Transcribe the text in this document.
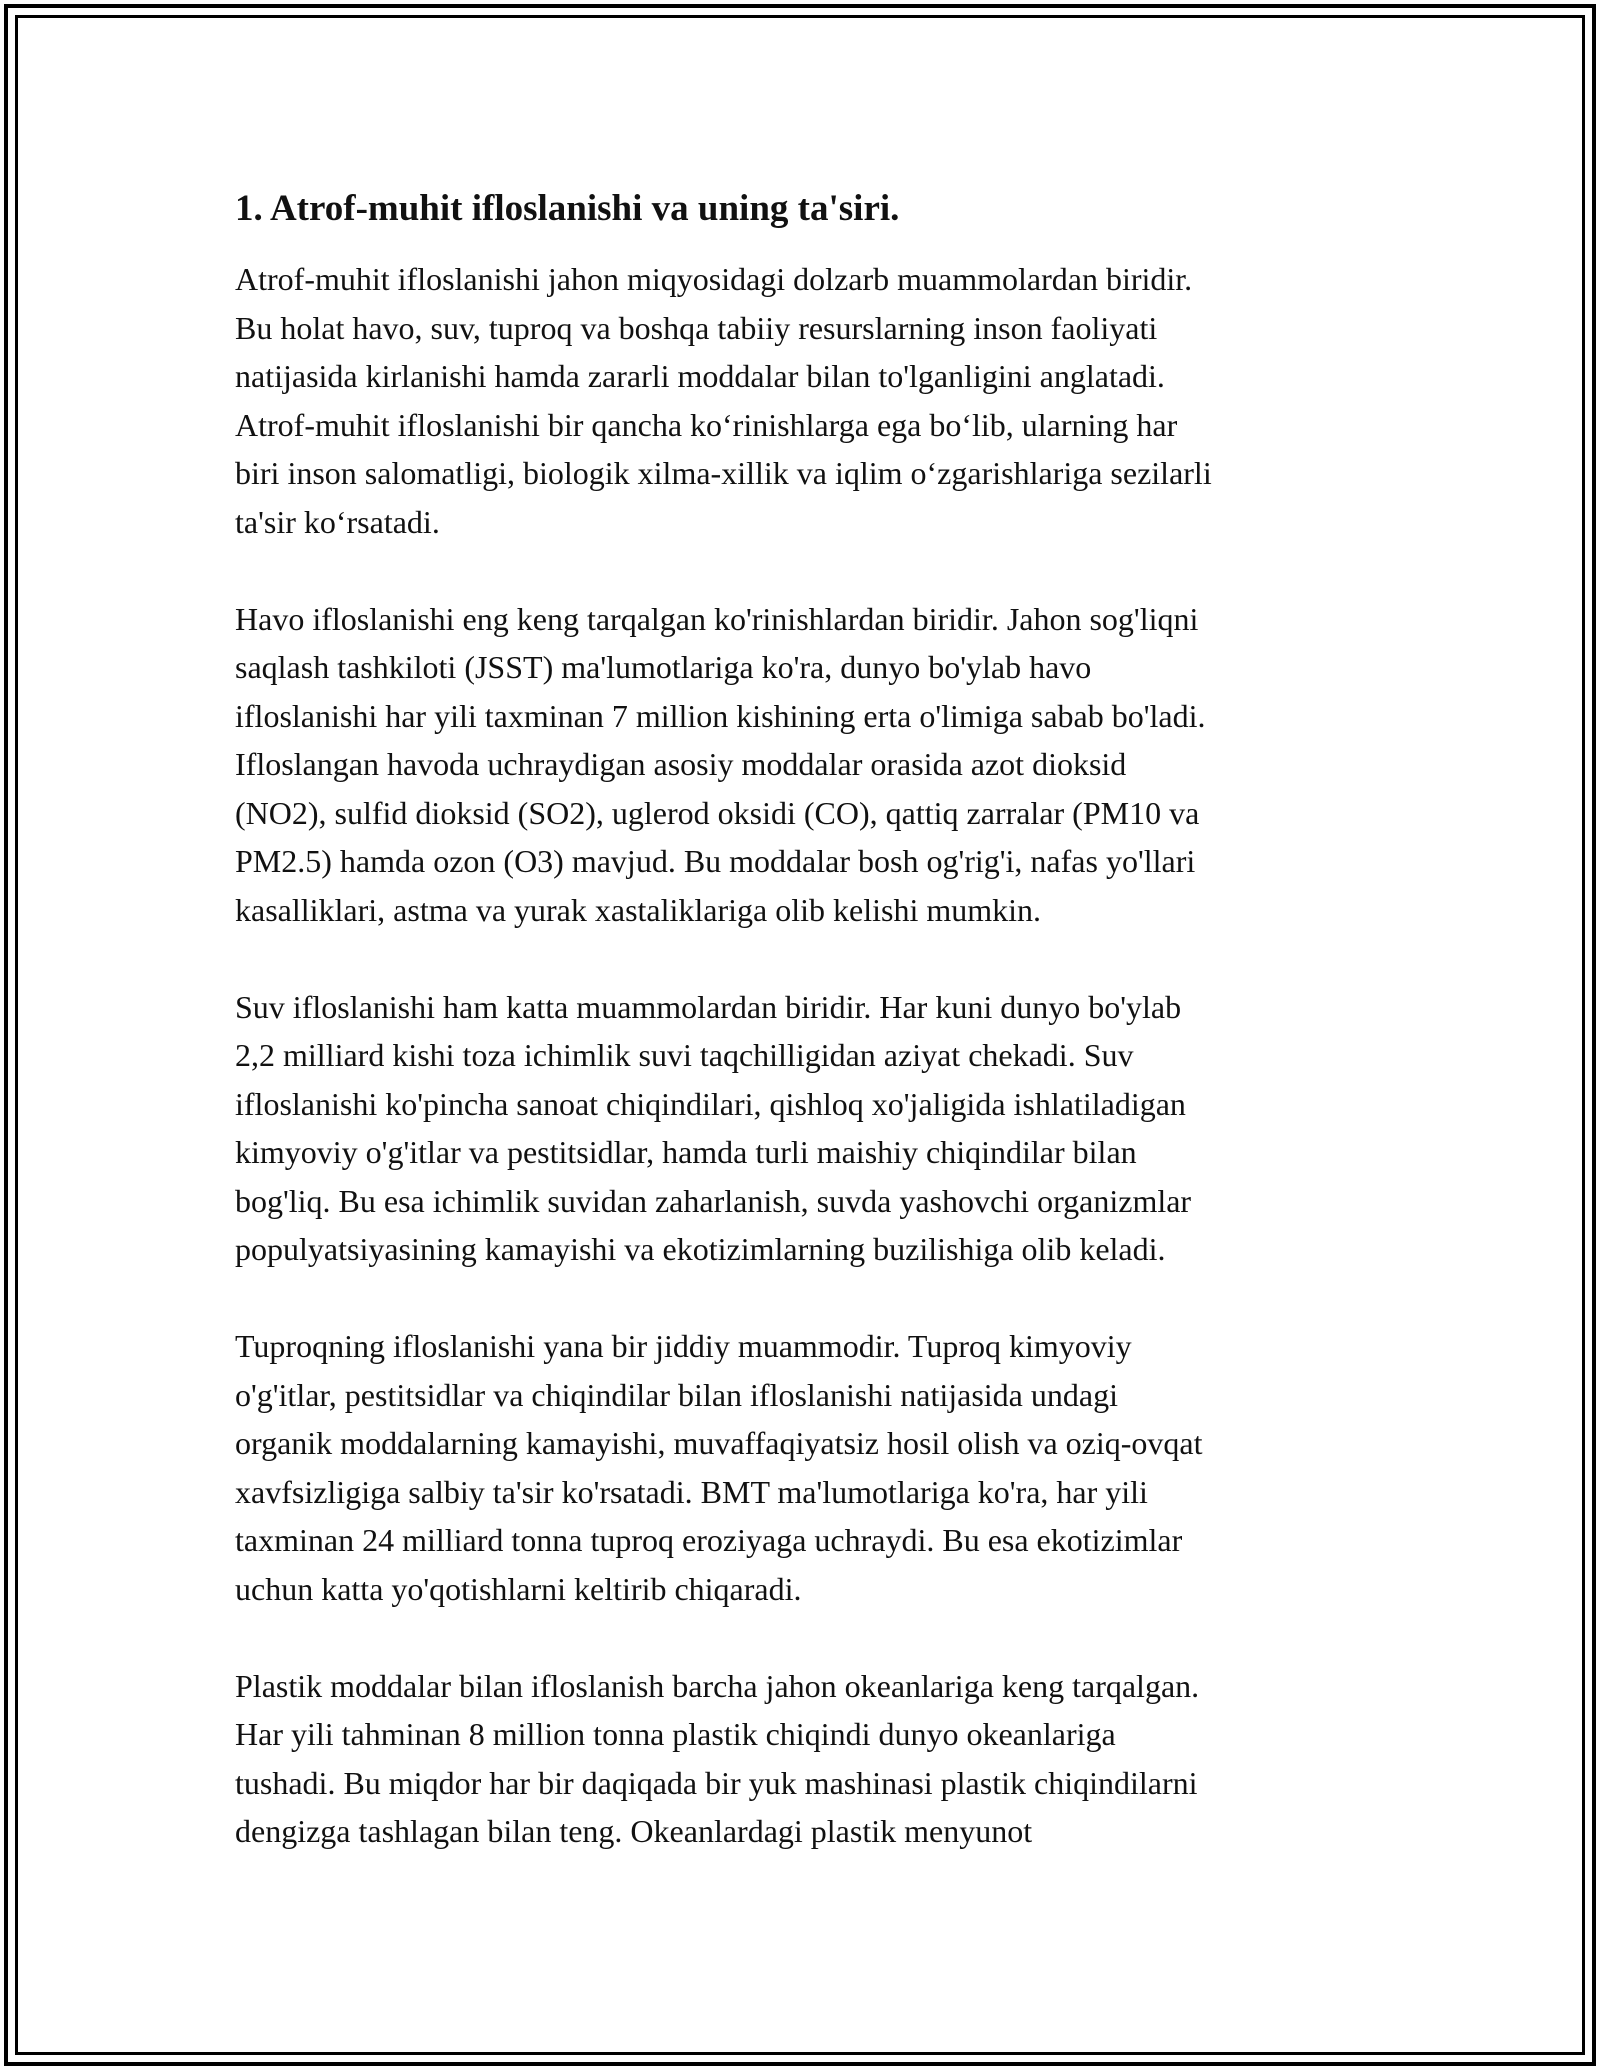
1. Atrof-muhit ifloslanishi va uning ta'siri.

Atrof-muhit ifloslanishi jahon miqyosidagi dolzarb muammolardan biridir.
Bu holat havo, suv, tuproq va boshqa tabiiy resurslarning inson faoliyati
natijasida kirlanishi hamda zararli moddalar bilan to'lganligini anglatadi.
Atrof-muhit ifloslanishi bir qancha ko‘rinishlarga ega bo‘lib, ularning har
biri inson salomatligi, biologik xilma-xillik va iqlim o‘zgarishlariga sezilarli
ta'sir ko‘rsatadi.

Havo ifloslanishi eng keng tarqalgan ko'rinishlardan biridir. Jahon sog'liqni
saqlash tashkiloti (JSST) ma'lumotlariga ko'ra, dunyo bo'ylab havo
ifloslanishi har yili taxminan 7 million kishining erta o'limiga sabab bo'ladi.
Ifloslangan havoda uchraydigan asosiy moddalar orasida azot dioksid
(NO2), sulfid dioksid (SO2), uglerod oksidi (CO), qattiq zarralar (PM10 va
PM2.5) hamda ozon (O3) mavjud. Bu moddalar bosh og'rig'i, nafas yo'llari
kasalliklari, astma va yurak xastaliklariga olib kelishi mumkin.

Suv ifloslanishi ham katta muammolardan biridir. Har kuni dunyo bo'ylab
2,2 milliard kishi toza ichimlik suvi taqchilligidan aziyat chekadi. Suv
ifloslanishi ko'pincha sanoat chiqindilari, qishloq xo'jaligida ishlatiladigan
kimyoviy o'g'itlar va pestitsidlar, hamda turli maishiy chiqindilar bilan
bog'liq. Bu esa ichimlik suvidan zaharlanish, suvda yashovchi organizmlar
populyatsiyasining kamayishi va ekotizimlarning buzilishiga olib keladi.

Tuproqning ifloslanishi yana bir jiddiy muammodir. Tuproq kimyoviy
o'g'itlar, pestitsidlar va chiqindilar bilan ifloslanishi natijasida undagi
organik moddalarning kamayishi, muvaffaqiyatsiz hosil olish va oziq-ovqat
xavfsizligiga salbiy ta'sir ko'rsatadi. BMT ma'lumotlariga ko'ra, har yili
taxminan 24 milliard tonna tuproq eroziyaga uchraydi. Bu esa ekotizimlar
uchun katta yo'qotishlarni keltirib chiqaradi.

Plastik moddalar bilan ifloslanish barcha jahon okeanlariga keng tarqalgan.
Har yili tahminan 8 million tonna plastik chiqindi dunyo okeanlariga
tushadi. Bu miqdor har bir daqiqada bir yuk mashinasi plastik chiqindilarni
dengizga tashlagan bilan teng. Okeanlardagi plastik menyunot
